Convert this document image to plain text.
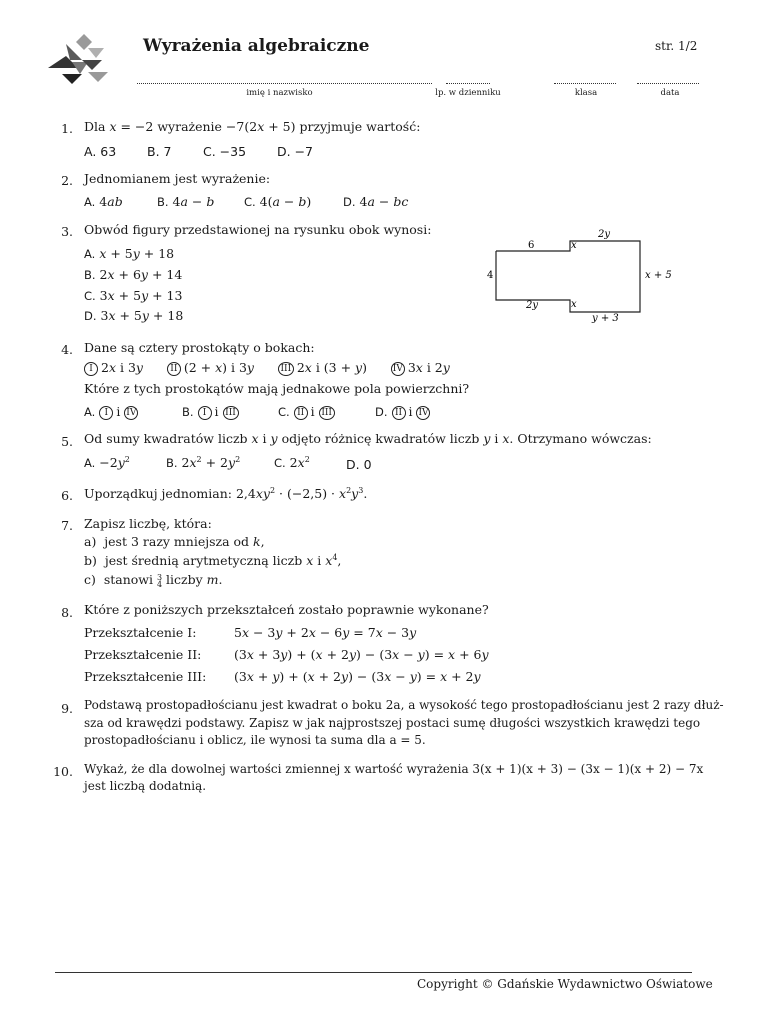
Wyrażenia algebraiczne	str. 1/2
imię i nazwisko	lp. w dzienniku	klasa	data
1. Dla x = −2 wyrażenie −7(2x + 5) przyjmuje wartość:
A. 63 B. 7	C. −35 D. −7
2. Jednomianem jest wyrażenie:
A. 4ab	B. 4a − b	C. 4(a − b)	D. 4a − bc
3. Obwód figury przedstawionej na rysunku obok wynosi:
A. x + 5y + 18
B. 2x + 6y + 14
C. 3x + 5y + 13
D. 3x + 5y + 18
6	x
2y
4	x + 5
2y	x
y + 3
4. Dane są cztery prostokąty o bokach:
I 2x i 3y	II (2 + x) i 3y	III 2x i (3 + y)      IV 3x i 2y
Które z tych prostokątów mają jednakowe pola powierzchni?
A. I i IV	B. I i III	C. II i III	D. II i IV
5. Od sumy kwadratów liczb x i y odjęto różnicę kwadratów liczb y i x. Otrzymano wówczas:
A. $-2y^2$	B. $2x^2 + 2y^2$	C. $2x^2$	D. 0
6. Uporządkuj jednomian: $2,4xy^2 \cdot (-2,5) \cdot x^2y^3$.
7. Zapisz liczbę, która:
a)  jest 3 razy mniejsza od k,
b)  jest średnią arytmetyczną liczb x i $x^4$,
c)  stanowi 3
4 liczby m.
8. Które z poniższych przekształceń zostało poprawnie wykonane?
Przekształcenie I:	5x − 3y + 2x − 6y = 7x − 3y
Przekształcenie II:	(3x + 3y) + (x + 2y) − (3x − y) = x + 6y
Przekształcenie III: (3x + y) + (x + 2y) − (3x − y) = x + 2y
9. Podstawą prostopadłościanu jest kwadrat o boku 2a, a wysokość tego prostopadłościanu jest 2 razy dłuż-
sza od krawędzi podstawy. Zapisz w jak najprostszej postaci sumę długości wszystkich krawędzi tego
prostopadłościanu i oblicz, ile wynosi ta suma dla a = 5.
10. Wykaż, że dla dowolnej wartości zmiennej x wartość wyrażenia 3(x + 1)(x + 3) − (3x − 1)(x + 2) − 7x
jest liczbą dodatnią.
Copyright © Gdańskie Wydawnictwo Oświatowe
